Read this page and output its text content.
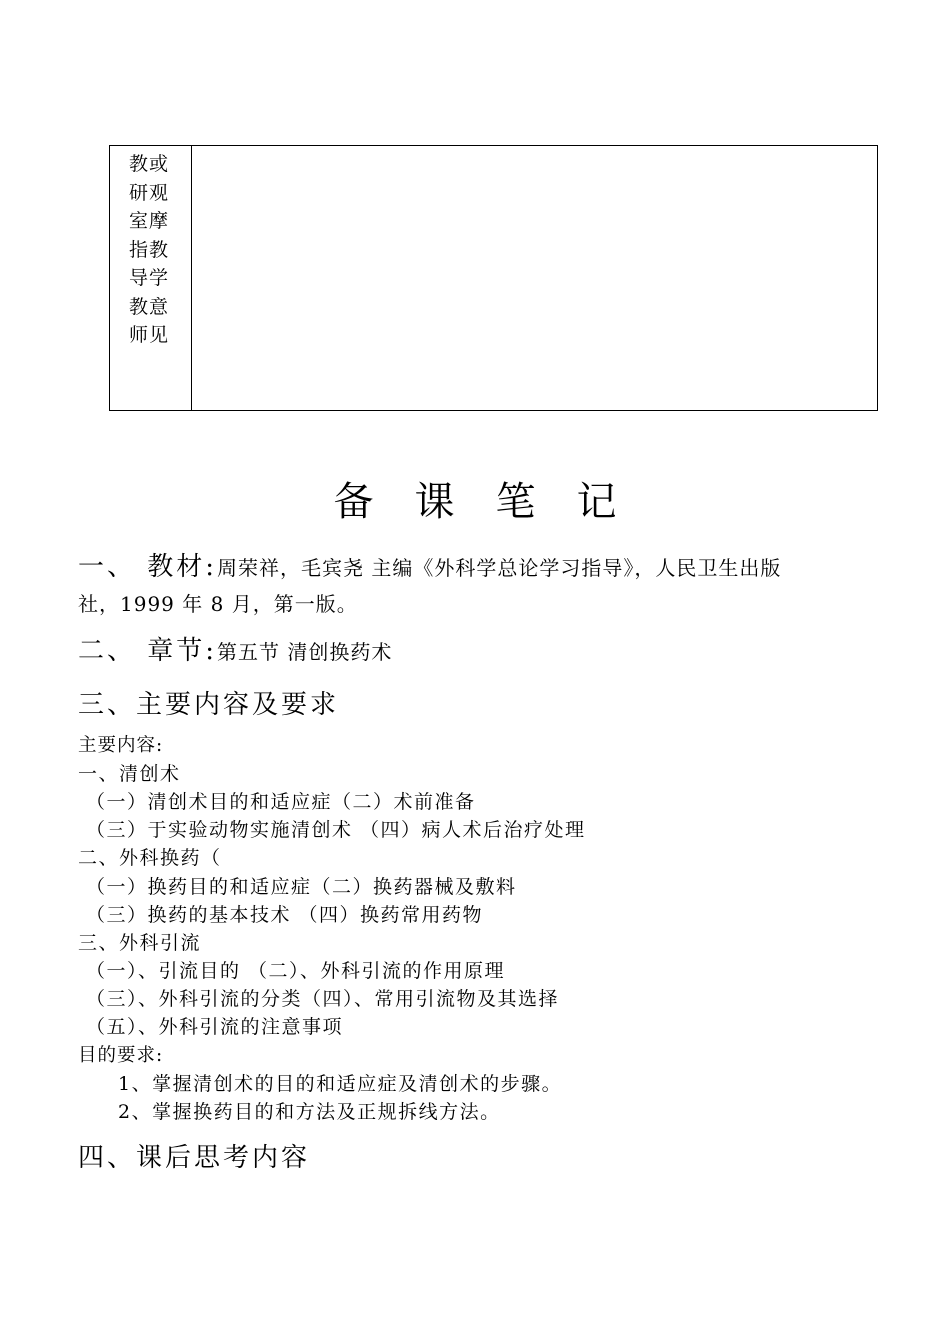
教或
研观
室摩
指教
导学
教意
师见
备课笔记
一、 教材:周荣祥，毛宾尧 主编《外科学总论学习指导》，人民卫生出版
社，1999 年 8 月，第一版。
二、 章节:第五节 清创换药术
三、主要内容及要求
主要内容:
一、清创术
（一）清创术目的和适应症（二）术前准备
（三）于实验动物实施清创术 （四）病人术后治疗处理
二、外科换药（
（一）换药目的和适应症（二）换药器械及敷料
（三）换药的基本技术 （四）换药常用药物
三、外科引流
（一）、引流目的 （二）、外科引流的作用原理
（三）、外科引流的分类（四）、常用引流物及其选择
（五）、外科引流的注意事项
目的要求:
1、掌握清创术的目的和适应症及清创术的步骤。
2、掌握换药目的和方法及正规拆线方法。
四、课后思考内容
